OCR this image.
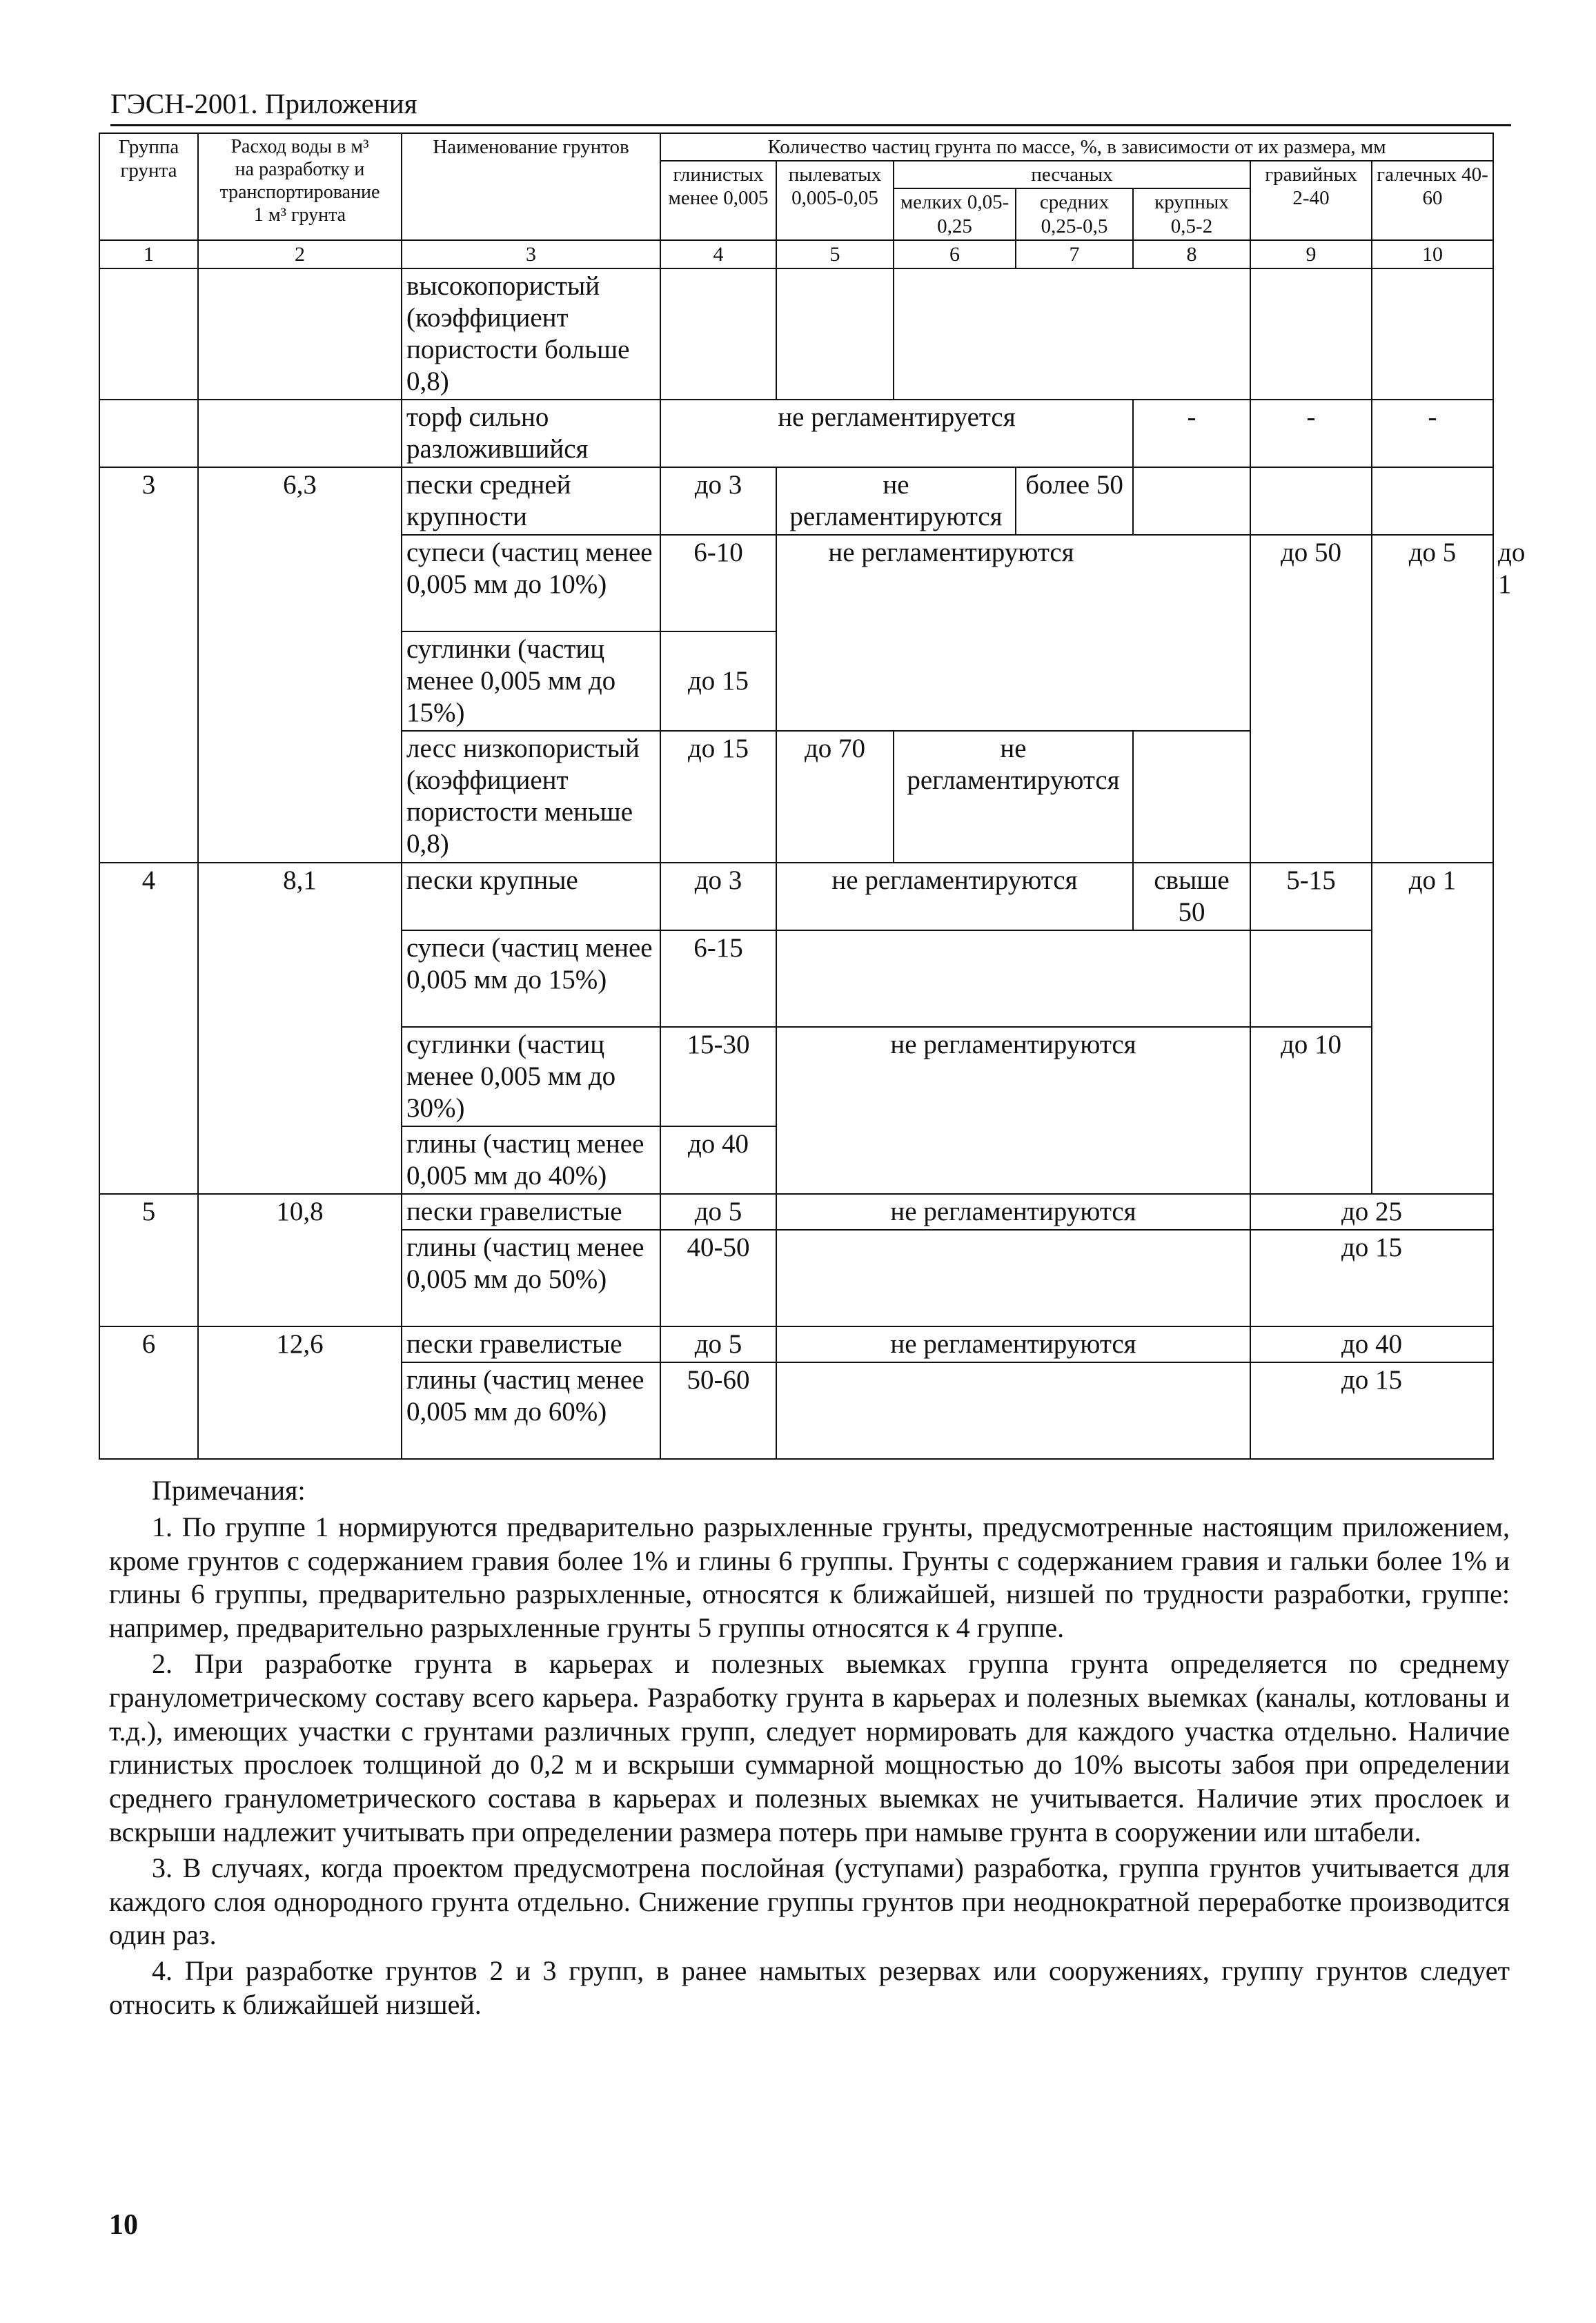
ГЭСН-2001. Приложения
Группа грунта	Расход воды в м³
на разработку и
транспортирование
1 м³ грунта	Наименование грунтов	Количество частиц грунта по массе, %, в зависимости от их размера, мм							
			глинистых менее 0,005	пылеватых 0,005-0,05	песчаных			гравийных 2-40	галечных 40-60	
					мелких 0,05-0,25	средних 0,25-0,5	крупных 0,5-2			
1	2	3	4	5	6	7	8	9	10	
		высокопористый (коэффициент пористости больше 0,8)								
		торф сильно разложившийся	не регламентируется				-	-	-	
3	6,3	пески средней крупности	до 3	не регламентируются		более 50				
		супеси (частиц менее 0,005 мм до 10%)	6-10	не регламентируются				до 50	до 5	до 1
		суглинки (частиц менее 0,005 мм до 15%)	до 15							
		лесс низкопористый (коэффициент пористости меньше 0,8)	до 15	до 70	не регламентируются					
4	8,1	пески крупные	до 3	не регламентируются			свыше 50	5-15	до 1	
		супеси (частиц менее 0,005 мм до 15%)	6-15							
		суглинки (частиц менее 0,005 мм до 30%)	15-30	не регламентируются				до 10		
		глины (частиц менее 0,005 мм до 40%)	до 40							
5	10,8	пески гравелистые	до 5	не регламентируются				до 25		
		глины (частиц менее 0,005 мм до 50%)	40-50					до 15		
6	12,6	пески гравелистые	до 5	не регламентируются				до 40		
		глины (частиц менее 0,005 мм до 60%)	50-60					до 15		
Примечания:

1. По группе 1 нормируются предварительно разрыхленные грунты, предусмотренные настоящим приложением, кроме грунтов с содержанием гравия более 1% и глины 6 группы. Грунты с содержанием гравия и гальки более 1% и глины 6 группы, предварительно разрыхленные, относятся к ближайшей, низшей по трудности разработки, группе: например, предварительно разрыхленные грунты 5 группы относятся к 4 группе.

2. При разработке грунта в карьерах и полезных выемках группа грунта определяется по среднему гранулометрическому составу всего карьера. Разработку грунта в карьерах и полезных выемках (каналы, котлованы и т.д.), имеющих участки с грунтами различных групп, следует нормировать для каждого участка отдельно. Наличие глинистых прослоек толщиной до 0,2 м и вскрыши суммарной мощностью до 10% высоты забоя при определении среднего гранулометрического состава в карьерах и полезных выемках не учитывается. Наличие этих прослоек и вскрыши надлежит учитывать при определении размера потерь при намыве грунта в сооружении или штабели.

3. В случаях, когда проектом предусмотрена послойная (уступами) разработка, группа грунтов учитывается для каждого слоя однородного грунта отдельно. Снижение группы грунтов при неоднократной переработке производится один раз.

4. При разработке грунтов 2 и 3 групп, в ранее намытых резервах или сооружениях, группу грунтов следует относить к ближайшей низшей.

10
